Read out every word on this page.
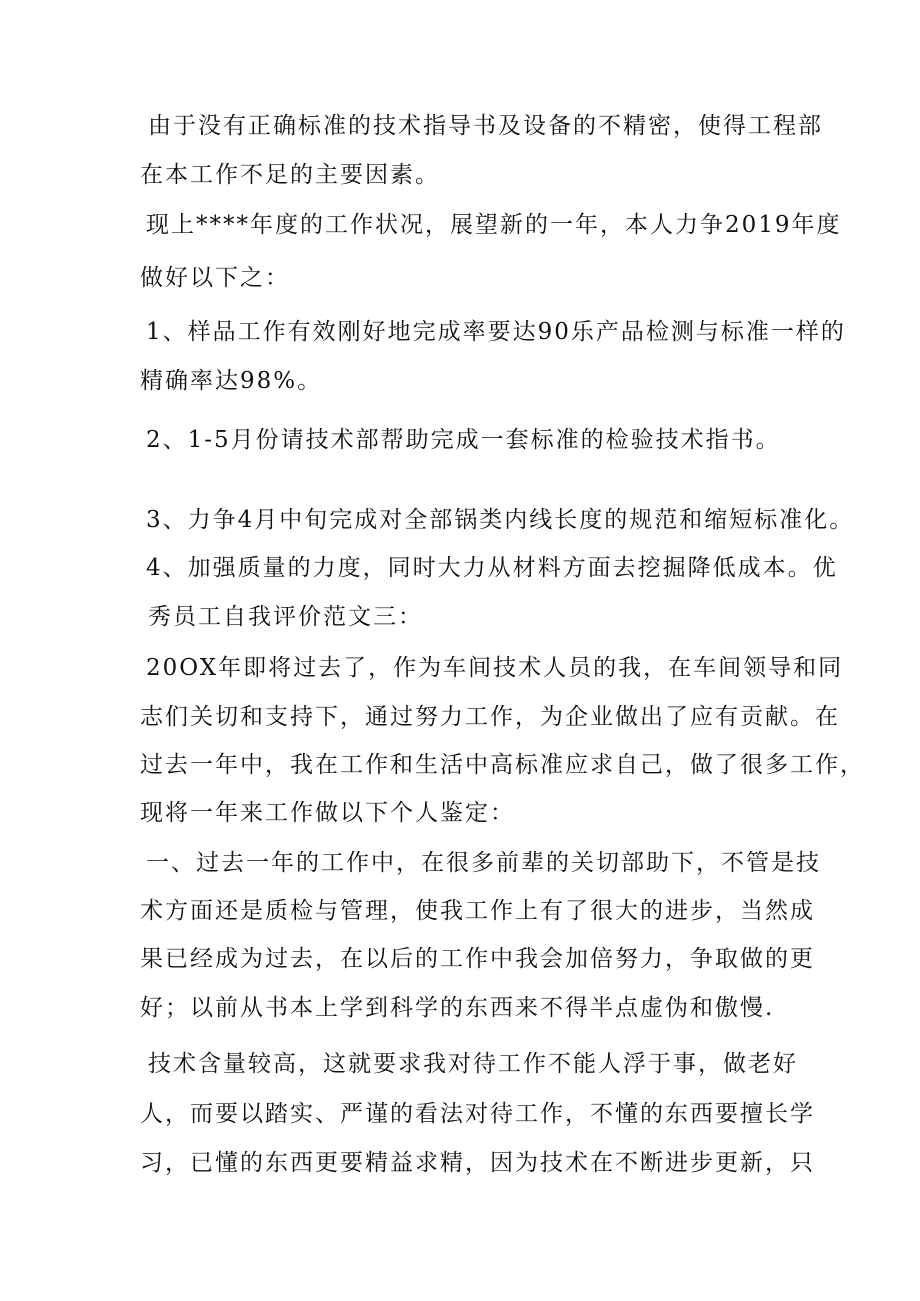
由于没有正确标准的技术指导书及设备的不精密，使得工程部
在本工作不足的主要因素。
现上****年度的工作状况，展望新的一年，本人力争2019年度
做好以下之：
1、样品工作有效刚好地完成率要达90乐产品检测与标准一样的
精确率达98%。
2、1-5月份请技术部帮助完成一套标准的检验技术指书。
3、力争4月中旬完成对全部锅类内线长度的规范和缩短标准化。
4、加强质量的力度，同时大力从材料方面去挖掘降低成本。优
秀员工自我评价范文三：
20OX年即将过去了，作为车间技术人员的我，在车间领导和同
志们关切和支持下，通过努力工作，为企业做出了应有贡献。在
过去一年中，我在工作和生活中高标准应求自己，做了很多工作，
现将一年来工作做以下个人鉴定：
一、过去一年的工作中，在很多前辈的关切部助下，不管是技
术方面还是质检与管理，使我工作上有了很大的进步，当然成
果已经成为过去，在以后的工作中我会加倍努力，争取做的更
好；以前从书本上学到科学的东西来不得半点虚伪和傲慢.
技术含量较高，这就要求我对待工作不能人浮于事，做老好
人，而要以踏实、严谨的看法对待工作，不懂的东西要擅长学
习，已懂的东西更要精益求精，因为技术在不断进步更新，只
